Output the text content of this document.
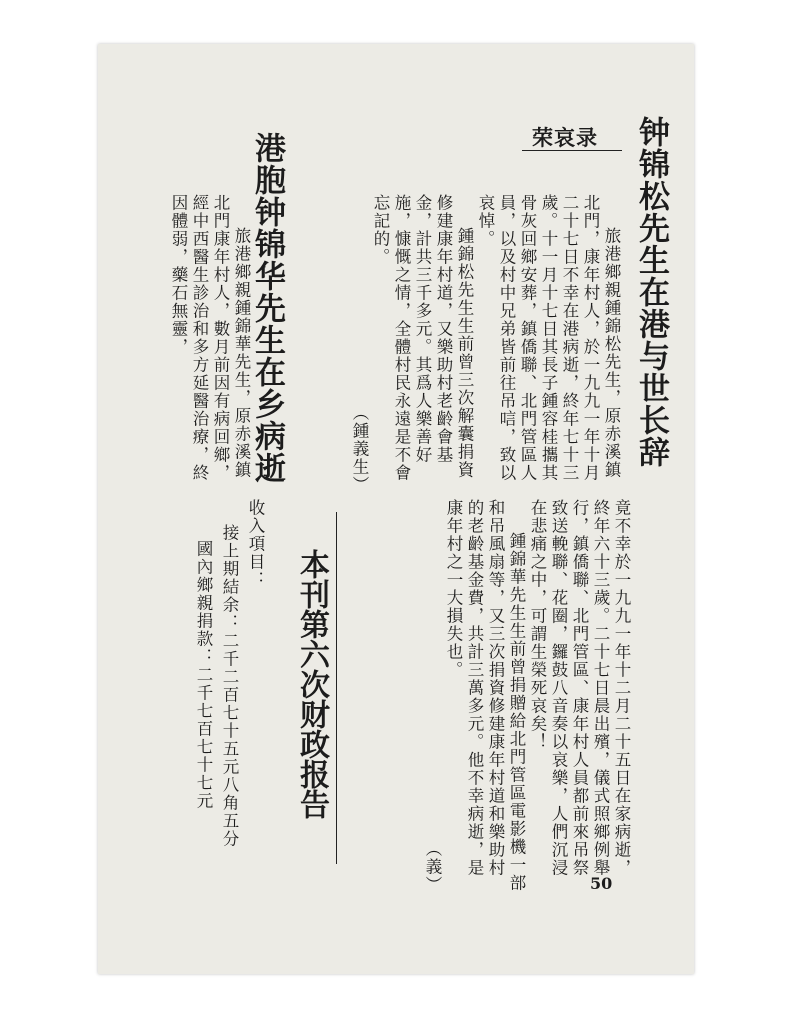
钟锦松先生在港与世长辞
荣哀录
旅港鄉親鍾錦松先生，原赤溪鎮北門，康年村人，於一九九一年十月二十七日不幸在港病逝，終年七十三歲。十一月十七日其長子鍾容桂攜其骨灰回鄉安葬，鎮僑聯、北門管區人員，以及村中兄弟皆前往吊唁，致以哀悼。
鍾錦松先生生前曾三次解囊捐資修建康年村道，又樂助村老齡會基金，計共三千多元。其爲人樂善好施，慷慨之情，全體村民永遠是不會忘記的。
（鍾義生）
港胞钟锦华先生在乡病逝
旅港鄉親鍾錦華先生，原赤溪鎮北門康年村人，數月前因有病回鄉，經中西醫生診治和多方延醫治療，終因體弱，藥石無靈，
竟不幸於一九九一年十二月二十五日在家病逝，終年六十三歲。二十七日晨出殯，儀式照鄉例舉行，鎮僑聯、北門管區、康年村人員都前來吊祭致送輓聯、花圈，鑼鼓八音奏以哀樂，人們沉浸在悲痛之中，可謂生榮死哀矣！
鍾錦華先生生前曾捐贈給北門管區電影機一部和吊風扇等，又三次捐資修建康年村道和樂助村的老齡基金費，共計三萬多元。他不幸病逝，是康年村之一大損失也。
（義）
本刊第六次财政报告
收入項目：
接上期結余：二千二百七十五元八角五分
國內鄉親捐款：二千七百七十七元
50
